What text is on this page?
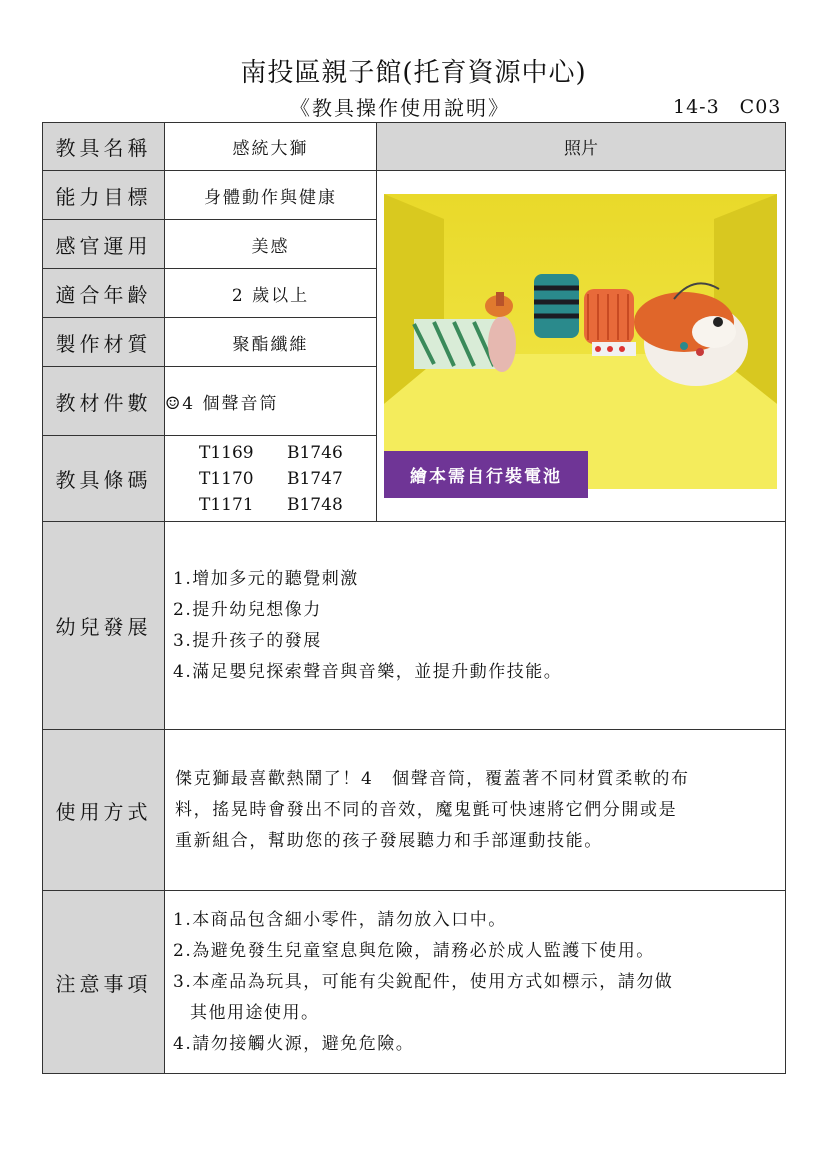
南投區親子館(托育資源中心)
《教具操作使用說明》	14-3　C03
教具名稱	感統大獅	照片
能力目標	身體動作與健康	繪本需自行裝電池

感官運用	美感	
適合年齡	2 歲以上	
製作材質	聚酯纖維	
教材件數	☺4 個聲音筒	
教具條碼	T1169 B1746
T1170 B1747
T1171 B1748	

幼兒發展	1.增加多元的聽覺刺激
2.提升幼兒想像力
3.提升孩子的發展
4.滿足嬰兒探索聲音與音樂，並提升動作技能。	

使用方式	傑克獅最喜歡熱鬧了！4　個聲音筒，覆蓋著不同材質柔軟的布
料，搖晃時會發出不同的音效，魔鬼氈可快速將它們分開或是
重新組合，幫助您的孩子發展聽力和手部運動技能。	

注意事項	1.本商品包含細小零件，請勿放入口中。
2.為避免發生兒童窒息與危險，請務必於成人監護下使用。
3.本產品為玩具，可能有尖銳配件，使用方式如標示，請勿做
其他用途使用。
4.請勿接觸火源，避免危險。	
